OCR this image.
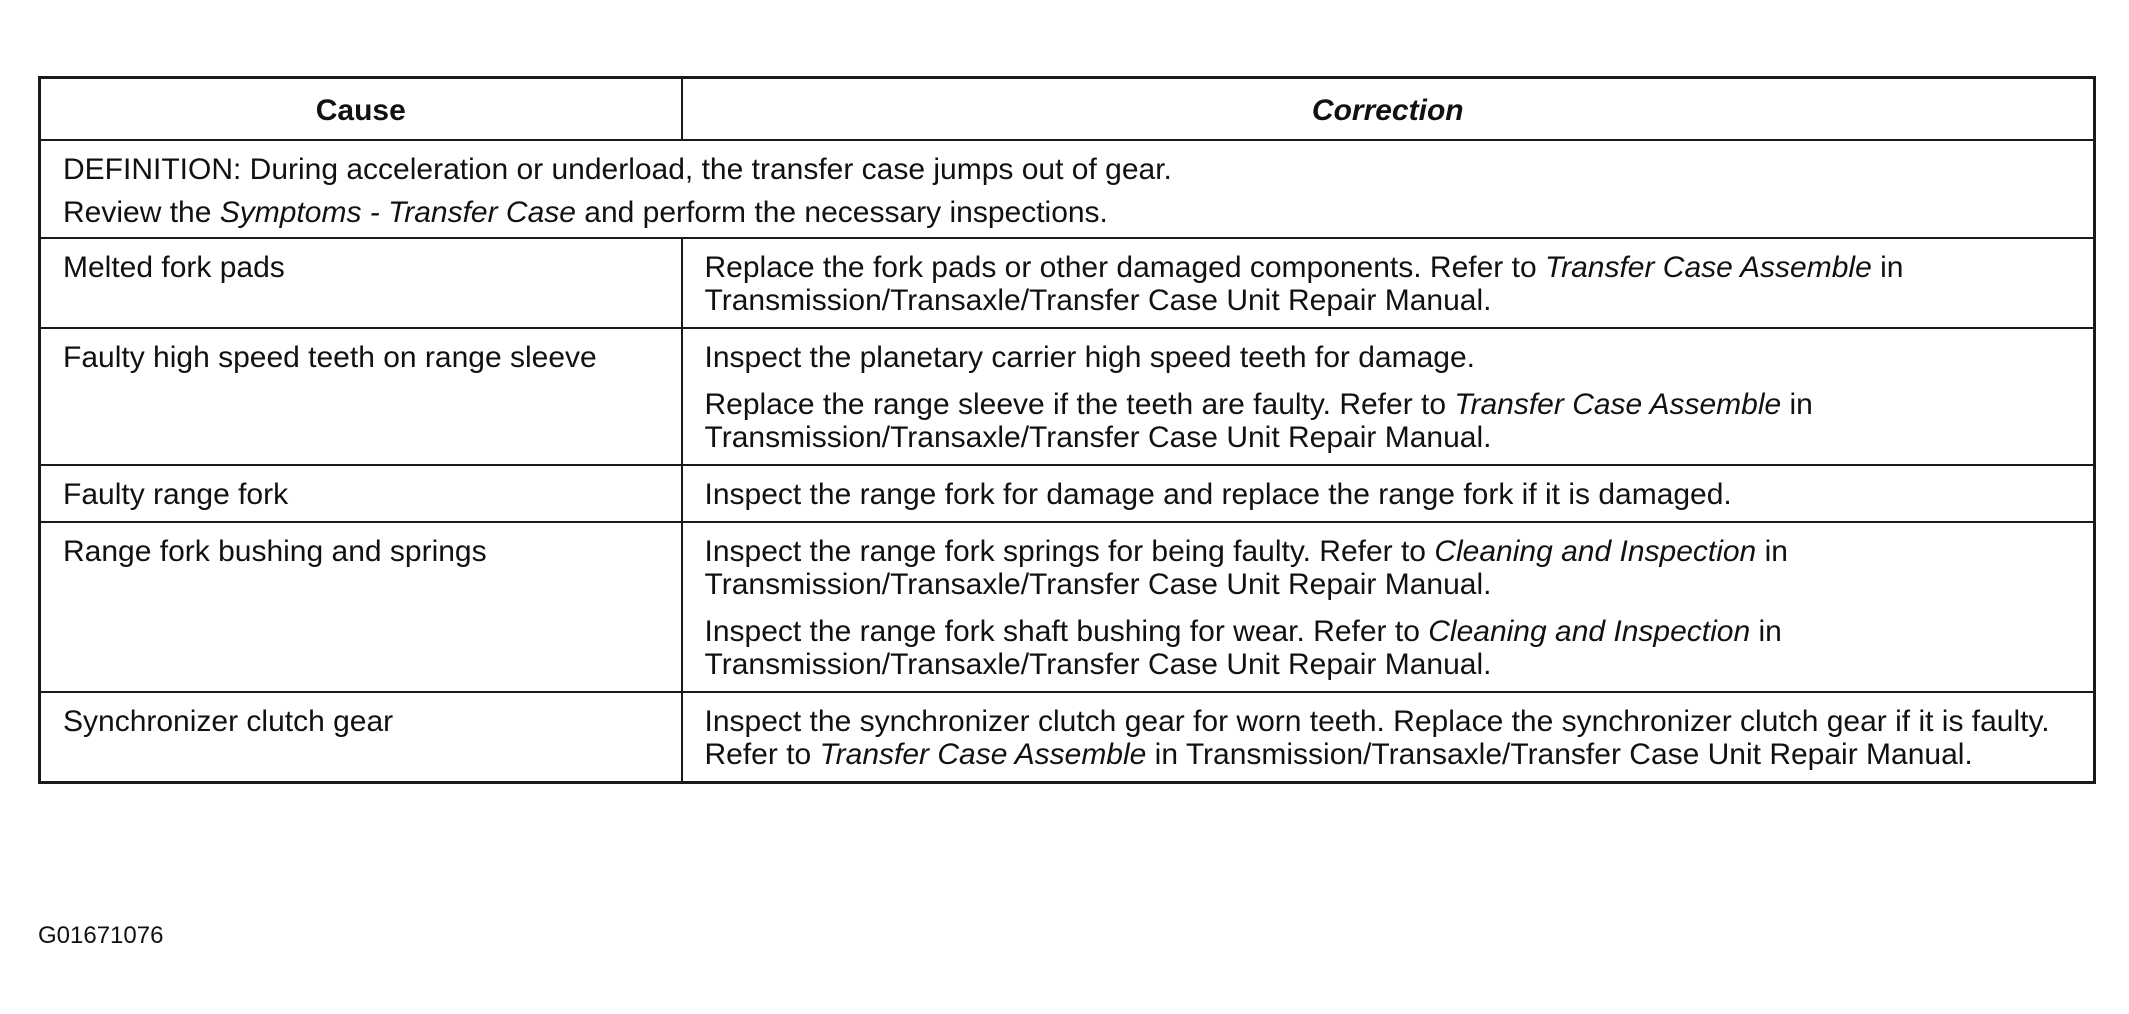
Cause	Correction

DEFINITION: During acceleration or underload, the transfer case jumps out of gear.

Review the Symptoms - Transfer Case and perform the necessary inspections.	

Melted fork pads	Replace the fork pads or other damaged components. Refer to Transfer Case Assemble in Transmission/Transaxle/Transfer Case Unit Repair Manual.

Faulty high speed teeth on range sleeve	Inspect the planetary carrier high speed teeth for damage.

Replace the range sleeve if the teeth are faulty. Refer to Transfer Case Assemble in Transmission/Transaxle/Transfer Case Unit Repair Manual.

Faulty range fork	Inspect the range fork for damage and replace the range fork if it is damaged.

Range fork bushing and springs	Inspect the range fork springs for being faulty. Refer to Cleaning and Inspection in Transmission/Transaxle/Transfer Case Unit Repair Manual.

Inspect the range fork shaft bushing for wear. Refer to Cleaning and Inspection in Transmission/Transaxle/Transfer Case Unit Repair Manual.

Synchronizer clutch gear	Inspect the synchronizer clutch gear for worn teeth. Replace the synchronizer clutch gear if it is faulty. Refer to Transfer Case Assemble in Transmission/Transaxle/Transfer Case Unit Repair Manual.

G01671076
